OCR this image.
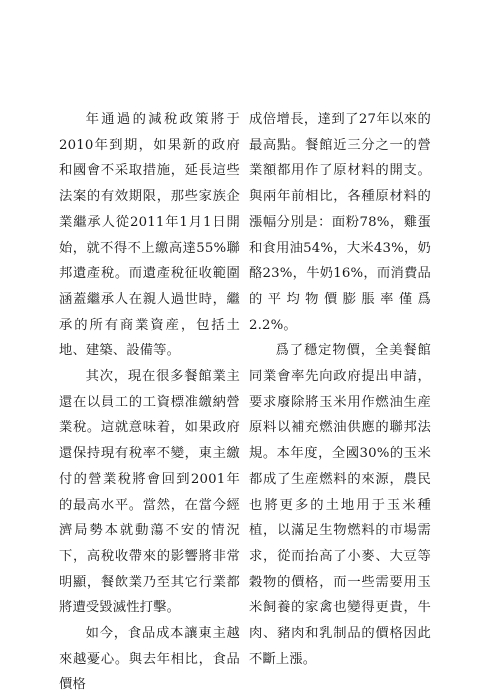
年通過的減稅政策將于2010年到期，如果新的政府和國會不采取措施，延長這些法案的有效期限，那些家族企業繼承人從2011年1月1日開始，就不得不上繳高達55%聯邦遺產稅。而遺產稅征收範圍涵蓋繼承人在親人過世時，繼承的所有商業資産，包括土地、建築、設備等。

其次，現在很多餐館業主還在以員工的工資標准繳納營業稅。這就意味着，如果政府還保持現有稅率不變，東主繳付的營業稅將會回到2001年的最高水平。當然，在當今經濟局勢本就動蕩不安的情況下，高稅收帶來的影響將非常明顯，餐飲業乃至其它行業都將遭受毀滅性打擊。

如今，食品成本讓東主越來越憂心。與去年相比，食品價格

成倍增長，達到了27年以來的最高點。餐館近三分之一的營業額都用作了原材料的開支。與兩年前相比，各種原材料的漲幅分別是：面粉78%，雞蛋和食用油54%，大米43%，奶酪23%，牛奶16%，而消費品的平均物價膨脹率僅爲2.2%。

爲了穩定物價，全美餐館同業會率先向政府提出申請，要求廢除將玉米用作燃油生産原料以補充燃油供應的聯邦法規。本年度，全國30%的玉米都成了生産燃料的來源，農民也將更多的土地用于玉米種植，以滿足生物燃料的市場需求，從而抬高了小麥、大豆等穀物的價格，而一些需要用玉米飼養的家禽也變得更貴，牛肉、豬肉和乳制品的價格因此不斷上漲。
